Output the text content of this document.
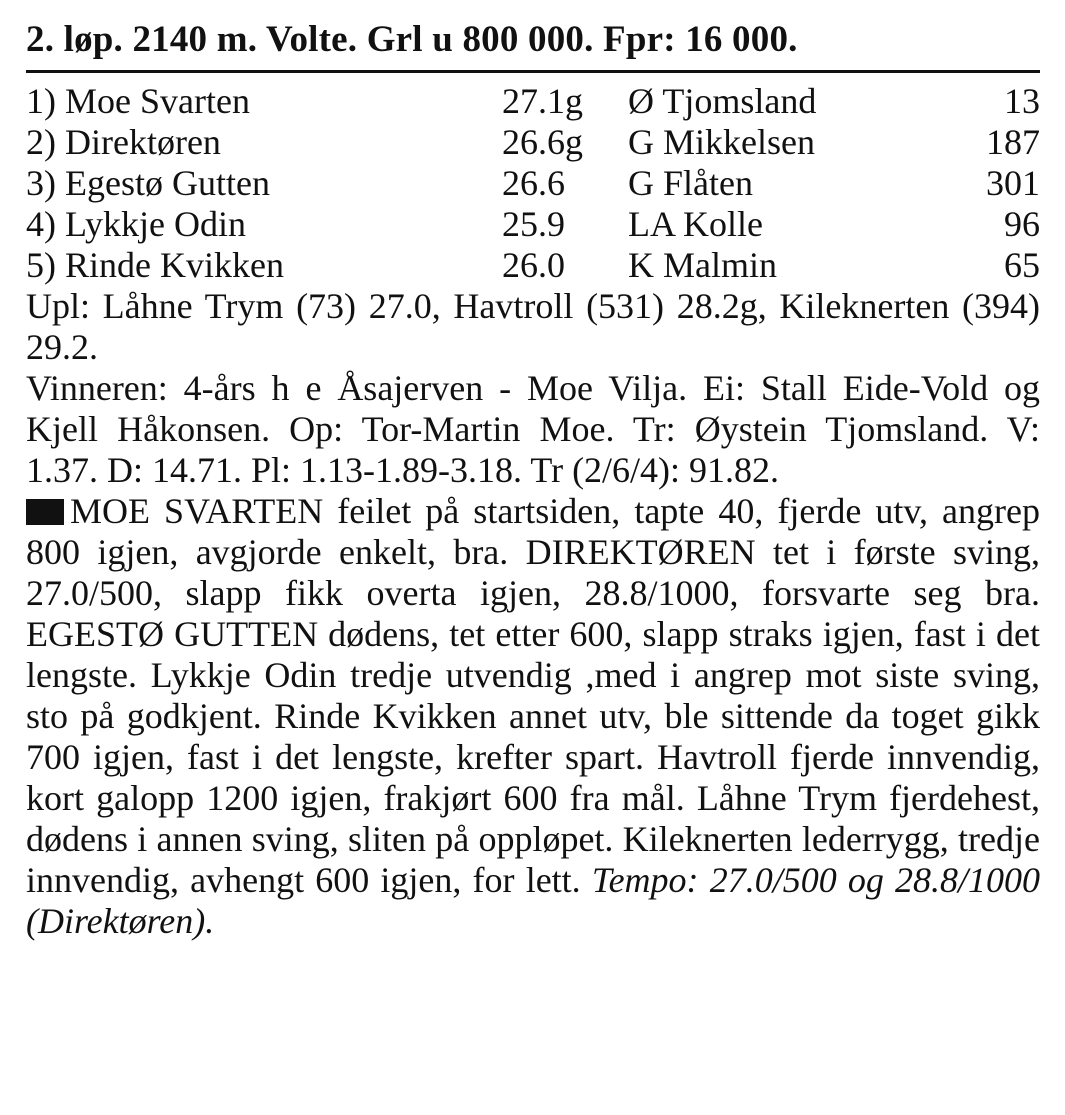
2. løp. 2140 m. Volte. Grl u 800 000. Fpr: 16 000.
1) Moe Svarten	27.1g	Ø Tjomsland	13
2) Direktøren	26.6g	G Mikkelsen	187
3) Egestø Gutten	26.6	G Flåten	301
4) Lykkje Odin	25.9	LA Kolle	96
5) Rinde Kvikken	26.0	K Malmin	65
Upl: Låhne Trym (73) 27.0, Havtroll (531) 28.2g, Kileknerten (394) 29.2.
Vinneren: 4-års h e Åsajerven - Moe Vilja. Ei: Stall Eide-Vold og Kjell Håkonsen. Op: Tor-Martin Moe. Tr: Øystein Tjomsland. V: 1.37. D: 14.71. Pl: 1.13-1.89-3.18. Tr (2/6/4): 91.82.
MOE SVARTEN feilet på startsiden, tapte 40, fjerde utv, angrep 800 igjen, avgjorde enkelt, bra. DIREKTØREN tet i første sving, 27.0/500, slapp fikk overta igjen, 28.8/1000, forsvarte seg bra. EGESTØ GUTTEN dødens, tet etter 600, slapp straks igjen, fast i det lengste. Lykkje Odin tredje utvendig ,med i angrep mot siste sving, sto på godkjent. Rinde Kvikken annet utv, ble sittende da toget gikk 700 igjen, fast i det lengste, krefter spart. Havtroll fjerde innvendig, kort galopp 1200 igjen, frakjørt 600 fra mål. Låhne Trym fjerdehest, dødens i annen sving, sliten på oppløpet. Kileknerten lederrygg, tredje innvendig, avhengt 600 igjen, for lett. Tempo: 27.0/500 og 28.8/1000 (Direktøren).
